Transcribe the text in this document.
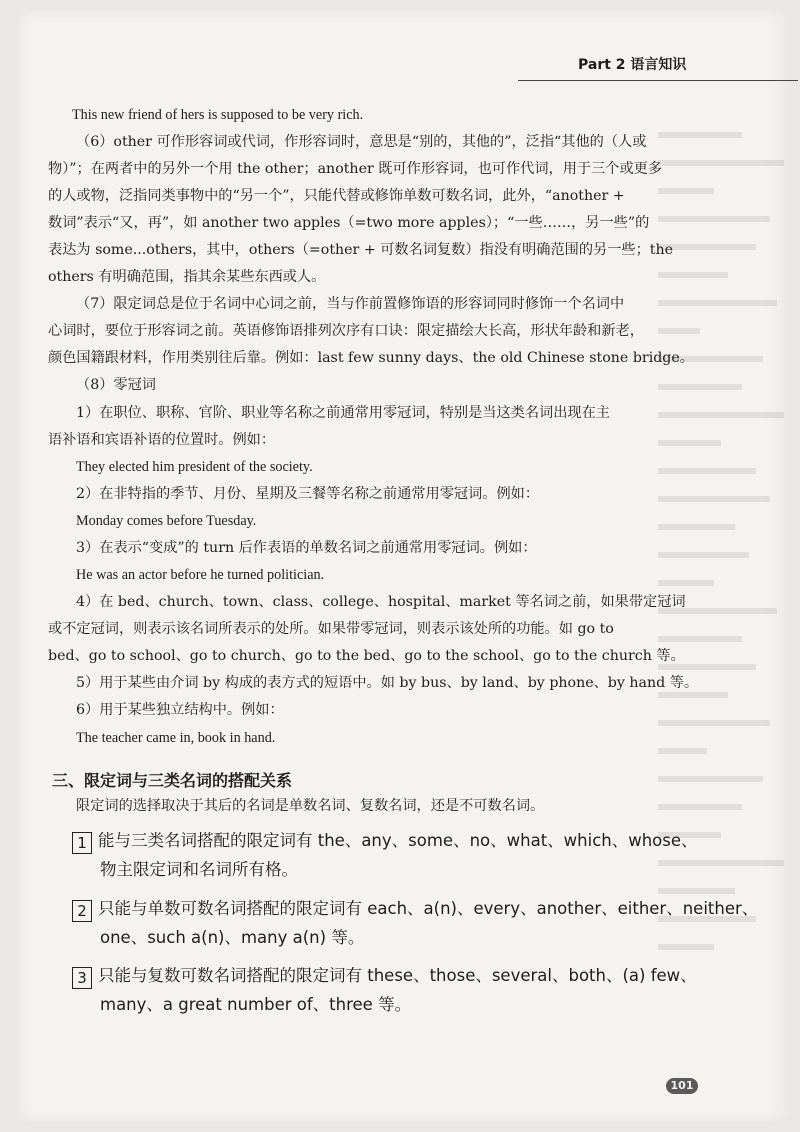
Part 2 语言知识
This new friend of hers is supposed to be very rich.
（6）other 可作形容词或代词，作形容词时，意思是“别的，其他的”，泛指“其他的（人或
物）”；在两者中的另外一个用 the other；another 既可作形容词，也可作代词，用于三个或更多
的人或物，泛指同类事物中的“另一个”，只能代替或修饰单数可数名词，此外，“another +
数词”表示“又，再”，如 another two apples（=two more apples）；“一些……，另一些”的
表达为 some...others，其中，others（=other + 可数名词复数）指没有明确范围的另一些；the
others 有明确范围，指其余某些东西或人。
（7）限定词总是位于名词中心词之前，当与作前置修饰语的形容词同时修饰一个名词中
心词时，要位于形容词之前。英语修饰语排列次序有口诀：限定描绘大长高，形状年龄和新老，
颜色国籍跟材料，作用类别往后靠。例如：last few sunny days、the old Chinese stone bridge。
（8）零冠词
1）在职位、职称、官阶、职业等名称之前通常用零冠词，特别是当这类名词出现在主
语补语和宾语补语的位置时。例如：
They elected him president of the society.
2）在非特指的季节、月份、星期及三餐等名称之前通常用零冠词。例如：
Monday comes before Tuesday.
3）在表示“变成”的 turn 后作表语的单数名词之前通常用零冠词。例如：
He was an actor before he turned politician.
4）在 bed、church、town、class、college、hospital、market 等名词之前，如果带定冠词
或不定冠词，则表示该名词所表示的处所。如果带零冠词，则表示该处所的功能。如 go to
bed、go to school、go to church、go to the bed、go to the school、go to the church 等。
5）用于某些由介词 by 构成的表方式的短语中。如 by bus、by land、by phone、by hand 等。
6）用于某些独立结构中。例如：
The teacher came in, book in hand.
三、限定词与三类名词的搭配关系
限定词的选择取决于其后的名词是单数名词、复数名词，还是不可数名词。
1 能与三类名词搭配的限定词有 the、any、some、no、what、which、whose、
物主限定词和名词所有格。
2 只能与单数可数名词搭配的限定词有 each、a(n)、every、another、either、neither、
one、such a(n)、many a(n) 等。
3 只能与复数可数名词搭配的限定词有 these、those、several、both、(a) few、
many、a great number of、three 等。
101
